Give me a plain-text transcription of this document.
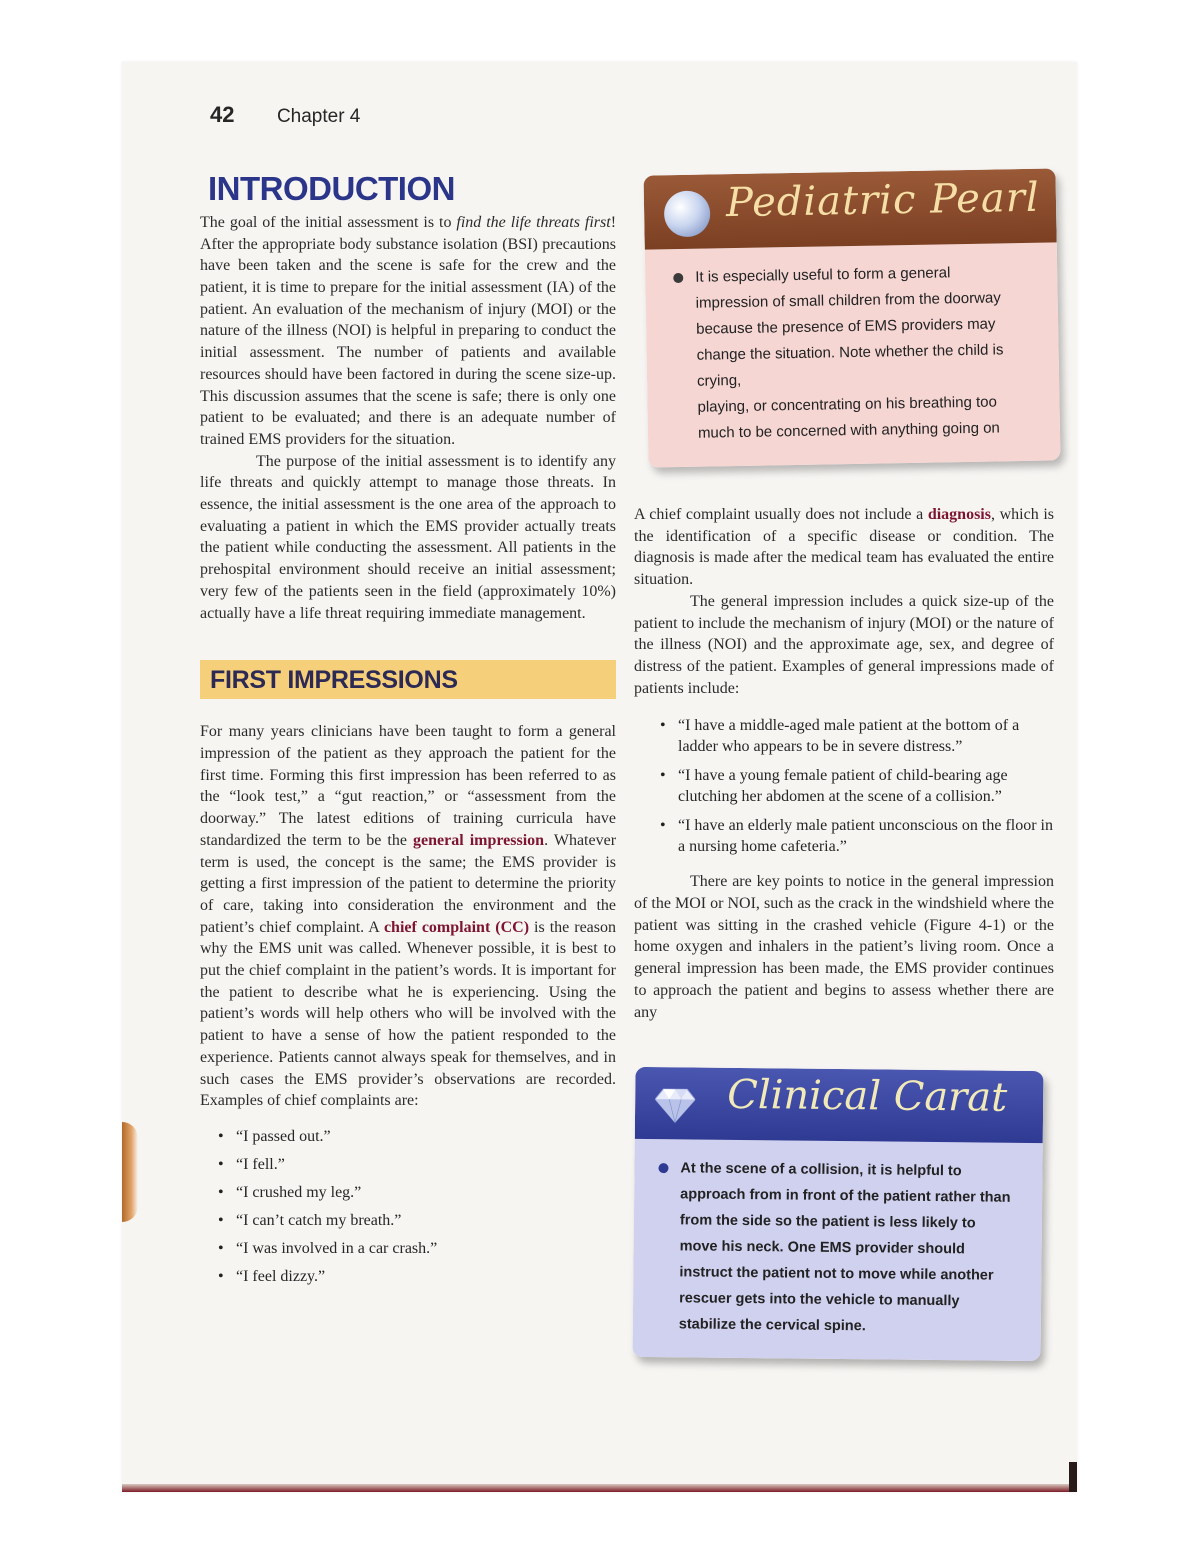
42 Chapter 4
INTRODUCTION

The goal of the initial assessment is to find the life threats first! After the appropriate body substance isolation (BSI) precautions have been taken and the scene is safe for the crew and the patient, it is time to prepare for the initial assessment (IA) of the patient. An evaluation of the mechanism of injury (MOI) or the nature of the illness (NOI) is helpful in preparing to conduct the initial assessment. The number of patients and available resources should have been factored in during the scene size-up. This discussion assumes that the scene is safe; there is only one patient to be evaluated; and there is an adequate number of trained EMS providers for the situation.

The purpose of the initial assessment is to identify any life threats and quickly attempt to manage those threats. In essence, the initial assessment is the one area of the approach to evaluating a patient in which the EMS provider actually treats the patient while conducting the assessment. All patients in the prehospital environment should receive an initial assessment; very few of the patients seen in the field (approximately 10%) actually have a life threat requiring immediate management.

FIRST IMPRESSIONS

For many years clinicians have been taught to form a general impression of the patient as they approach the patient for the first time. Forming this first impression has been referred to as the “look test,” a “gut reaction,” or “assessment from the doorway.” The latest editions of training curricula have standardized the term to be the general impression. Whatever term is used, the concept is the same; the EMS provider is getting a first impression of the patient to determine the priority of care, taking into consideration the environment and the patient’s chief complaint. A chief complaint (CC) is the reason why the EMS unit was called. Whenever possible, it is best to put the chief complaint in the patient’s words. It is important for the patient to describe what he is experiencing. Using the patient’s words will help others who will be involved with the patient to have a sense of how the patient responded to the experience. Patients cannot always speak for themselves, and in such cases the EMS provider’s observations are recorded. Examples of chief complaints are:

• “I passed out.”
• “I fell.”
• “I crushed my leg.”
• “I can’t catch my breath.”
• “I was involved in a car crash.”
• “I feel dizzy.”
Pediatric Pearl

It is especially useful to form a general
impression of small children from the doorway
because the presence of EMS providers may
change the situation. Note whether the child is
crying,
playing, or concentrating on his breathing too
much to be concerned with anything going on

A chief complaint usually does not include a diagnosis, which is the identification of a specific disease or condition. The diagnosis is made after the medical team has evaluated the entire situation.

The general impression includes a quick size-up of the patient to include the mechanism of injury (MOI) or the nature of the illness (NOI) and the approximate age, sex, and degree of distress of the patient. Examples of general impressions made of patients include:

• “I have a middle-aged male patient at the bottom of a ladder who appears to be in severe distress.”
• “I have a young female patient of child-bearing age clutching her abdomen at the scene of a collision.”
• “I have an elderly male patient unconscious on the floor in a nursing home cafeteria.”

There are key points to notice in the general impression of the MOI or NOI, such as the crack in the windshield where the patient was sitting in the crashed vehicle (Figure 4-1) or the home oxygen and inhalers in the patient’s living room. Once a general impression has been made, the EMS provider continues to approach the patient and begins to assess whether there are any

Clinical Carat

At the scene of a collision, it is helpful to
approach from in front of the patient rather than
from the side so the patient is less likely to
move his neck. One EMS provider should
instruct the patient not to move while another
rescuer gets into the vehicle to manually
stabilize the cervical spine.
